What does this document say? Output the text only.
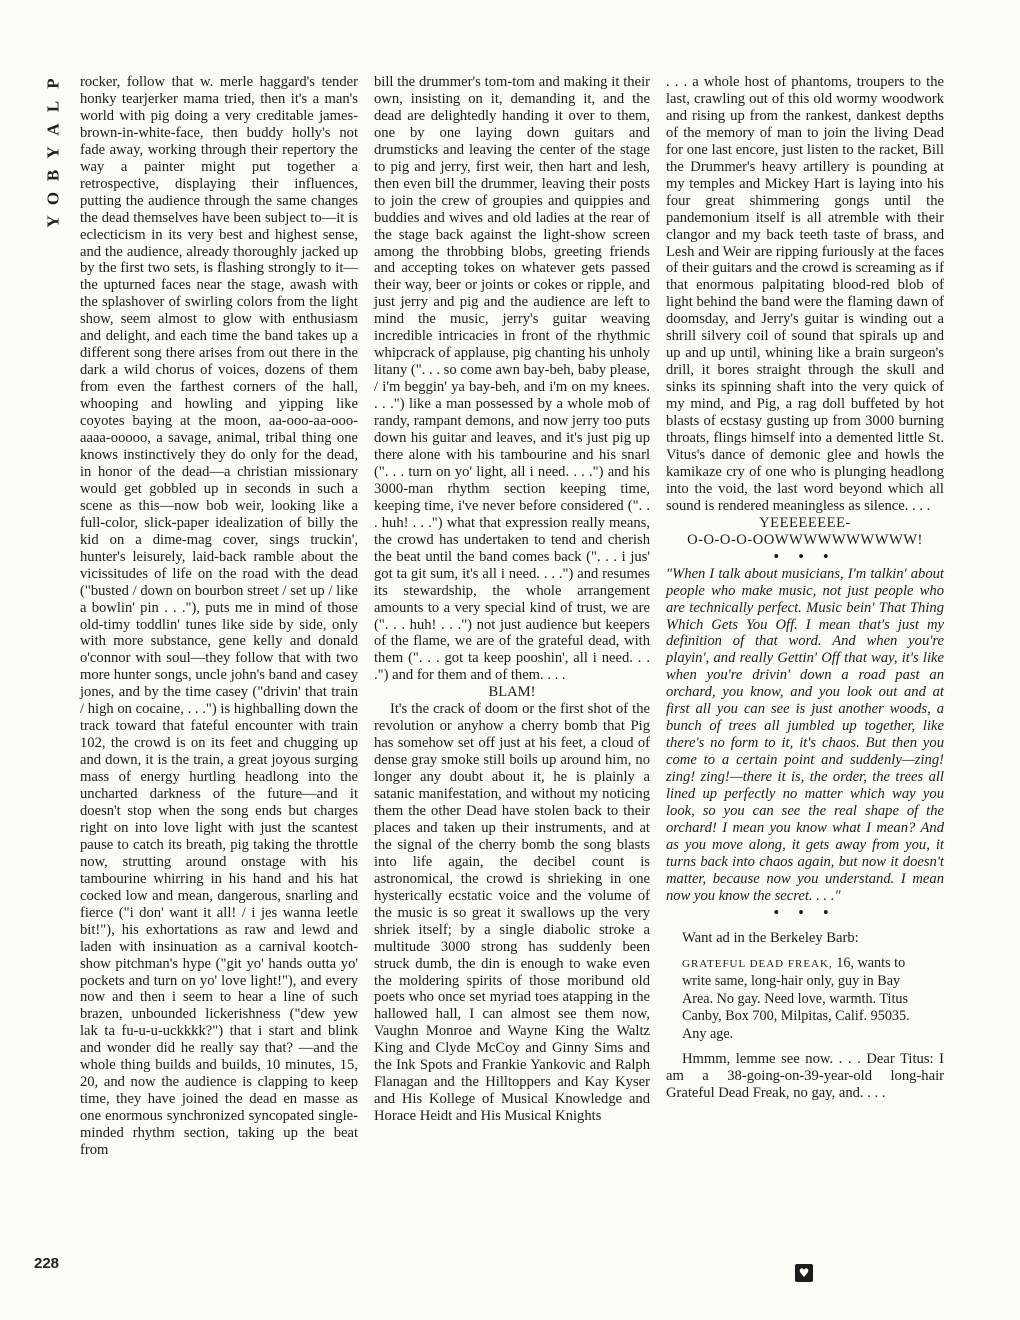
P
L
A
Y
B
O
Y
228

rocker, follow that w. merle haggard's tender honky tearjerker mama tried, then it's a man's world with pig doing a very creditable james-brown-in-white-face, then buddy holly's not fade away, working through their repertory the way a painter might put together a retrospective, displaying their influences, putting the audience through the same changes the dead themselves have been subject to—it is eclecticism in its very best and highest sense, and the audience, already thoroughly jacked up by the first two sets, is flashing strongly to it—the upturned faces near the stage, awash with the splashover of swirling colors from the light show, seem almost to glow with enthusiasm and delight, and each time the band takes up a different song there arises from out there in the dark a wild chorus of voices, dozens of them from even the farthest corners of the hall, whooping and howling and yipping like coyotes baying at the moon, aa-ooo-aa-ooo-aaaa-ooooo, a savage, animal, tribal thing one knows instinctively they do only for the dead, in honor of the dead—a christian missionary would get gobbled up in seconds in such a scene as this—now bob weir, looking like a full-color, slick-paper idealization of billy the kid on a dime-mag cover, sings truckin', hunter's leisurely, laid-back ramble about the vicissitudes of life on the road with the dead ("busted / down on bourbon street / set up / like a bowlin' pin . . ."), puts me in mind of those old-timy toddlin' tunes like side by side, only with more substance, gene kelly and donald o'connor with soul—they follow that with two more hunter songs, uncle john's band and casey jones, and by the time casey ("drivin' that train / high on cocaine, . . .") is highballing down the track toward that fateful encounter with train 102, the crowd is on its feet and chugging up and down, it is the train, a great joyous surging mass of energy hurtling headlong into the uncharted darkness of the future—and it doesn't stop when the song ends but charges right on into love light with just the scantest pause to catch its breath, pig taking the throttle now, strutting around onstage with his tambourine whirring in his hand and his hat cocked low and mean, dangerous, snarling and fierce ("i don' want it all! / i jes wanna leetle bit!"), his exhortations as raw and lewd and laden with insinuation as a carnival kootch-show pitchman's hype ("git yo' hands outta yo' pockets and turn on yo' love light!"), and every now and then i seem to hear a line of such brazen, unbounded lickerishness ("dew yew lak ta fu-u-u-uckkkk?") that i start and blink and wonder did he really say that? —and the whole thing builds and builds, 10 minutes, 15, 20, and now the audience is clapping to keep time, they have joined the dead en masse as one enormous synchronized syncopated single-minded rhythm section, taking up the beat from

bill the drummer's tom-tom and making it their own, insisting on it, demanding it, and the dead are delightedly handing it over to them, one by one laying down guitars and drumsticks and leaving the center of the stage to pig and jerry, first weir, then hart and lesh, then even bill the drummer, leaving their posts to join the crew of groupies and quippies and buddies and wives and old ladies at the rear of the stage back against the light-show screen among the throbbing blobs, greeting friends and accepting tokes on whatever gets passed their way, beer or joints or cokes or ripple, and just jerry and pig and the audience are left to mind the music, jerry's guitar weaving incredible intricacies in front of the rhythmic whipcrack of applause, pig chanting his unholy litany (". . . so come awn bay-beh, baby please, / i'm beggin' ya bay-beh, and i'm on my knees. . . .") like a man possessed by a whole mob of randy, rampant demons, and now jerry too puts down his guitar and leaves, and it's just pig up there alone with his tambourine and his snarl (". . . turn on yo' light, all i need. . . .") and his 3000-man rhythm section keeping time, keeping time, i've never before considered (". . . huh! . . .") what that expression really means, the crowd has undertaken to tend and cherish the beat until the band comes back (". . . i jus' got ta git sum, it's all i need. . . .") and resumes its stewardship, the whole arrangement amounts to a very special kind of trust, we are (". . . huh! . . .") not just audience but keepers of the flame, we are of the grateful dead, with them (". . . got ta keep pooshin', all i need. . . .") and for them and of them. . . .

BLAM!

It's the crack of doom or the first shot of the revolution or anyhow a cherry bomb that Pig has somehow set off just at his feet, a cloud of dense gray smoke still boils up around him, no longer any doubt about it, he is plainly a satanic manifestation, and without my noticing them the other Dead have stolen back to their places and taken up their instruments, and at the signal of the cherry bomb the song blasts into life again, the decibel count is astronomical, the crowd is shrieking in one hysterically ecstatic voice and the volume of the music is so great it swallows up the very shriek itself; by a single diabolic stroke a multitude 3000 strong has suddenly been struck dumb, the din is enough to wake even the moldering spirits of those moribund old poets who once set myriad toes atapping in the hallowed hall, I can almost see them now, Vaughn Monroe and Wayne King the Waltz King and Clyde McCoy and Ginny Sims and the Ink Spots and Frankie Yankovic and Ralph Flanagan and the Hilltoppers and Kay Kyser and His Kollege of Musical Knowledge and Horace Heidt and His Musical Knights

. . . a whole host of phantoms, troupers to the last, crawling out of this old wormy woodwork and rising up from the rankest, dankest depths of the memory of man to join the living Dead for one last encore, just listen to the racket, Bill the Drummer's heavy artillery is pounding at my temples and Mickey Hart is laying into his four great shimmering gongs until the pandemonium itself is all atremble with their clangor and my back teeth taste of brass, and Lesh and Weir are ripping furiously at the faces of their guitars and the crowd is screaming as if that enormous palpitating blood-red blob of light behind the band were the flaming dawn of doomsday, and Jerry's guitar is winding out a shrill silvery coil of sound that spirals up and up and up until, whining like a brain surgeon's drill, it bores straight through the skull and sinks its spinning shaft into the very quick of my mind, and Pig, a rag doll buffeted by hot blasts of ecstasy gusting up from 3000 burning throats, flings himself into a demented little St. Vitus's dance of demonic glee and howls the kamikaze cry of one who is plunging headlong into the void, the last word beyond which all sound is rendered meaningless as silence. . . .

YEEEEEEEE-

O-O-O-O-OOWWWWWWWWWW!

• • •

"When I talk about musicians, I'm talkin' about people who make music, not just people who are technically perfect. Music bein' That Thing Which Gets You Off. I mean that's just my definition of that word. And when you're playin', and really Gettin' Off that way, it's like when you're drivin' down a road past an orchard, you know, and you look out and at first all you can see is just another woods, a bunch of trees all jumbled up together, like there's no form to it, it's chaos. But then you come to a certain point and suddenly—zing! zing! zing!—there it is, the order, the trees all lined up perfectly no matter which way you look, so you can see the real shape of the orchard! I mean you know what I mean? And as you move along, it gets away from you, it turns back into chaos again, but now it doesn't matter, because now you understand. I mean now you know the secret. . . ."

• • •

Want ad in the Berkeley Barb:

GRATEFUL DEAD FREAK, 16, wants to write same, long-hair only, guy in Bay Area. No gay. Need love, warmth. Titus Canby, Box 700, Milpitas, Calif. 95035. Any age.

Hmmm, lemme see now. . . . Dear Titus: I am a 38-going-on-39-year-old long-hair Grateful Dead Freak, no gay, and. . . .

♥
